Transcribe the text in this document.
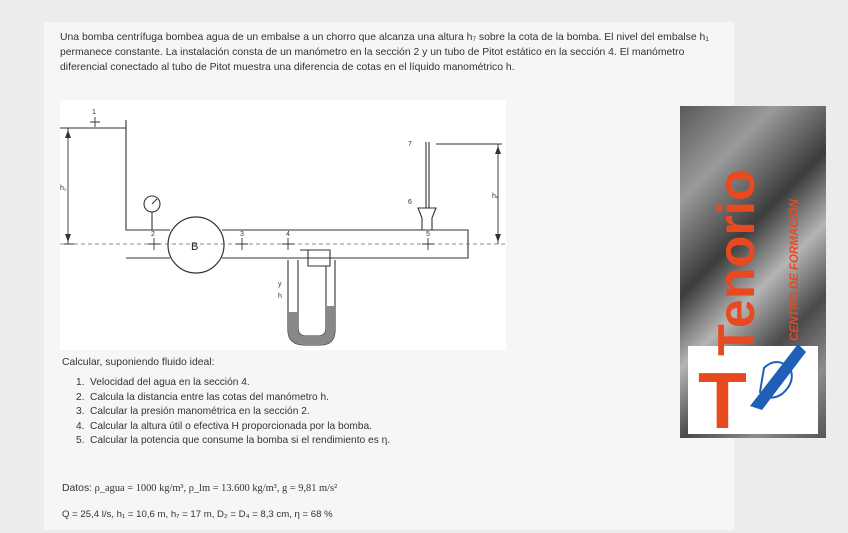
Una bomba centrífuga bombea agua de un embalse a un chorro que alcanza una altura h₇ sobre la cota de la bomba. El nivel del embalse h₁ permanece constante. La instalación consta de un manómetro en la sección 2 y un tubo de Pitot estático en la sección 4. El manómetro diferencial conectado al tubo de Pitot muestra una diferencia de cotas en el líquido manométrico h.
B
1
2	3	4	5
6
7
h₁
hₓ
y
h
Calcular, suponiendo fluido ideal:
1. Velocidad del agua en la sección 4.
2. Calcula la distancia entre las cotas del manómetro h.
3. Calcular la presión manométrica en la sección 2.
4. Calcular la altura útil o efectiva H proporcionada por la bomba.
5. Calcular la potencia que consume la bomba si el rendimiento es η.
Datos: ρ_agua = 1000 kg/m³, ρ_lm = 13.600 kg/m³, g = 9,81 m/s²
Q = 25,4 l/s, h₁ = 10,6 m, h₇ = 17 m, D₂ = D₄ = 8,3 cm, η = 68 %
Tenorio CENTRO DE FORMACIÓN
T
